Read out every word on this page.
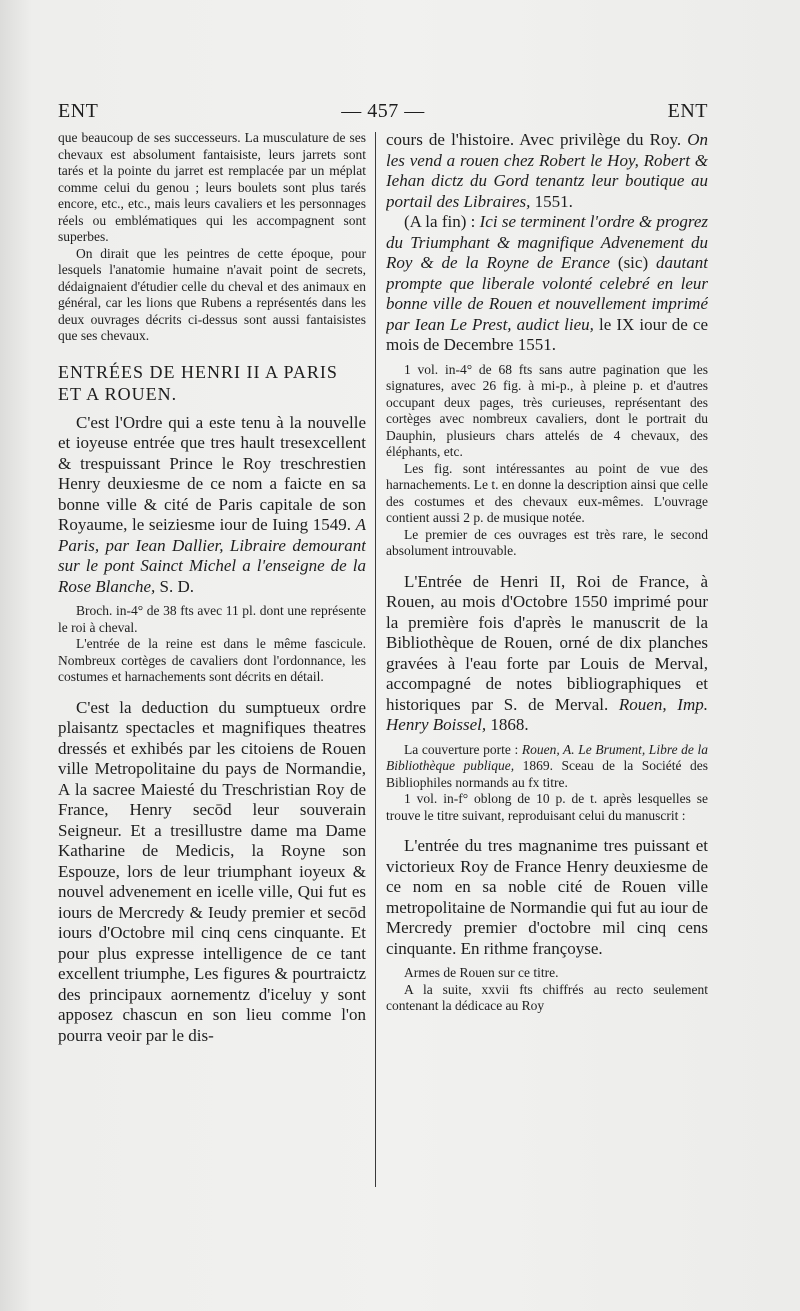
ENT	— 457 —	ENT

que beaucoup de ses successeurs. La musculature de ses chevaux est absolument fantaisiste, leurs jarrets sont tarés et la pointe du jarret est remplacée par un méplat comme celui du genou ; leurs boulets sont plus tarés encore, etc., etc., mais leurs cavaliers et les personnages réels ou emblématiques qui les accompagnent sont superbes.

On dirait que les peintres de cette époque, pour lesquels l'anatomie humaine n'avait point de secrets, dédaignaient d'étudier celle du cheval et des animaux en général, car les lions que Rubens a représentés dans les deux ouvrages décrits ci-dessus sont aussi fantaisistes que ses chevaux.

ENTRÉES DE HENRI II A PARIS ET A ROUEN.

C'est l'Ordre qui a este tenu à la nouvelle et ioyeuse entrée que tres hault tresexcellent & trespuissant Prince le Roy treschrestien Henry deuxiesme de ce nom a faicte en sa bonne ville & cité de Paris capitale de son Royaume, le seiziesme iour de Iuing 1549. A Paris, par Iean Dallier, Libraire demourant sur le pont Sainct Michel a l'enseigne de la Rose Blanche, S. D.

Broch. in-4° de 38 fts avec 11 pl. dont une représente le roi à cheval.

L'entrée de la reine est dans le même fascicule. Nombreux cortèges de cavaliers dont l'ordonnance, les costumes et harnachements sont décrits en détail.

C'est la deduction du sumptueux ordre plaisantz spectacles et magnifiques theatres dressés et exhibés par les citoiens de Rouen ville Metropolitaine du pays de Normandie, A la sacree Maiesté du Treschristian Roy de France, Henry secōd leur souverain Seigneur. Et a tresillustre dame ma Dame Katharine de Medicis, la Royne son Espouze, lors de leur triumphant ioyeux & nouvel advenement en icelle ville, Qui fut es iours de Mercredy & Ieudy premier et secōd iours d'Octobre mil cinq cens cinquante. Et pour plus expresse intelligence de ce tant excellent triumphe, Les figures & pourtraictz des principaux aornementz d'iceluy y sont apposez chascun en son lieu comme l'on pourra veoir par le dis-

cours de l'histoire. Avec privilège du Roy. On les vend a rouen chez Robert le Hoy, Robert & Iehan dictz du Gord tenantz leur boutique au portail des Libraires, 1551.

(A la fin) : Ici se terminent l'ordre & progrez du Triumphant & magnifique Advenement du Roy & de la Royne de Erance (sic) dautant prompte que liberale volonté celebré en leur bonne ville de Rouen et nouvellement imprimé par Iean Le Prest, audict lieu, le IX iour de ce mois de Decembre 1551.

1 vol. in-4° de 68 fts sans autre pagination que les signatures, avec 26 fig. à mi-p., à pleine p. et d'autres occupant deux pages, très curieuses, représentant des cortèges avec nombreux cavaliers, dont le portrait du Dauphin, plusieurs chars attelés de 4 chevaux, des éléphants, etc.

Les fig. sont intéressantes au point de vue des harnachements. Le t. en donne la description ainsi que celle des costumes et des chevaux eux-mêmes. L'ouvrage contient aussi 2 p. de musique notée.

Le premier de ces ouvrages est très rare, le second absolument introuvable.

L'Entrée de Henri II, Roi de France, à Rouen, au mois d'Octobre 1550 imprimé pour la première fois d'après le manuscrit de la Bibliothèque de Rouen, orné de dix planches gravées à l'eau forte par Louis de Merval, accompagné de notes bibliographiques et historiques par S. de Merval. Rouen, Imp. Henry Boissel, 1868.

La couverture porte : Rouen, A. Le Brument, Libre de la Bibliothèque publique, 1869. Sceau de la Société des Bibliophiles normands au fx titre.

1 vol. in-f° oblong de 10 p. de t. après lesquelles se trouve le titre suivant, reproduisant celui du manuscrit :

L'entrée du tres magnanime tres puissant et victorieux Roy de France Henry deuxiesme de ce nom en sa noble cité de Rouen ville metropolitaine de Normandie qui fut au iour de Mercredy premier d'octobre mil cinq cens cinquante. En rithme françoyse.

Armes de Rouen sur ce titre.

A la suite, xxvii fts chiffrés au recto seulement contenant la dédicace au Roy
